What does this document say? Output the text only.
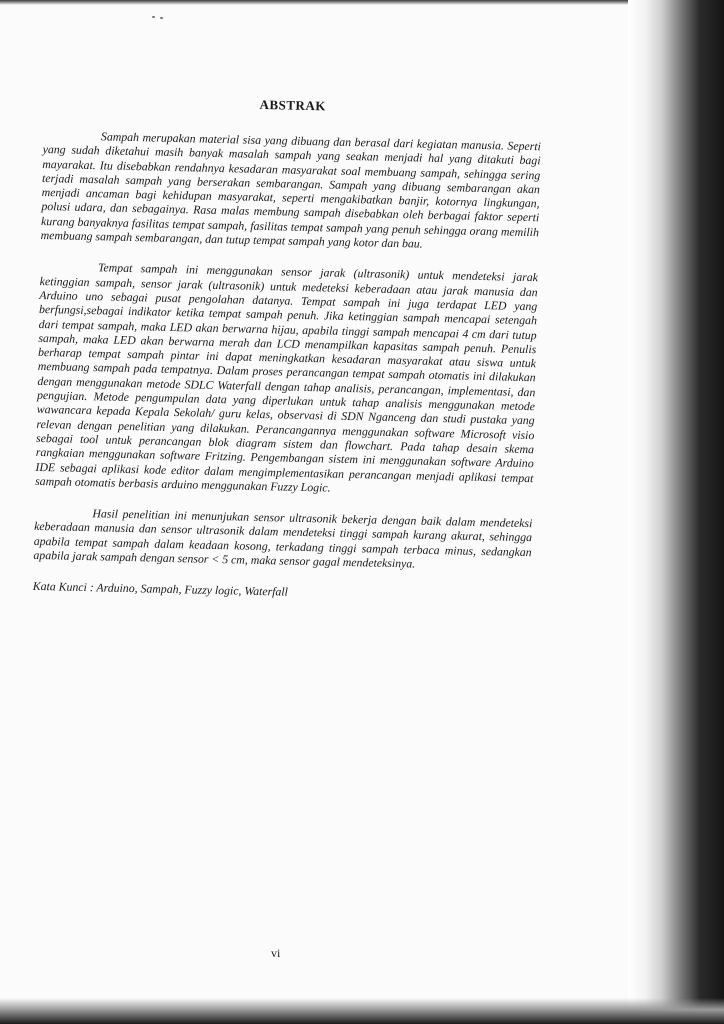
ABSTRAK

Sampah merupakan material sisa yang dibuang dan berasal dari kegiatan manusia. Seperti yang sudah diketahui masih banyak masalah sampah yang seakan menjadi hal yang ditakuti bagi mayarakat. Itu disebabkan rendahnya kesadaran masyarakat soal membuang sampah, sehingga sering terjadi masalah sampah yang berserakan sembarangan. Sampah yang dibuang sembarangan akan menjadi ancaman bagi kehidupan masyarakat, seperti mengakibatkan banjir, kotornya lingkungan, polusi udara, dan sebagainya. Rasa malas membung sampah disebabkan oleh berbagai faktor seperti kurang banyaknya fasilitas tempat sampah, fasilitas tempat sampah yang penuh sehingga orang memilih membuang sampah sembarangan, dan tutup tempat sampah yang kotor dan bau.

Tempat sampah ini menggunakan sensor jarak (ultrasonik) untuk mendeteksi jarak ketinggian sampah, sensor jarak (ultrasonik) untuk medeteksi keberadaan atau jarak manusia dan Arduino uno sebagai pusat pengolahan datanya. Tempat sampah ini juga terdapat LED yang berfungsi,sebagai indikator ketika tempat sampah penuh. Jika ketinggian sampah mencapai setengah dari tempat sampah, maka LED akan berwarna hijau, apabila tinggi sampah mencapai 4 cm dari tutup sampah, maka LED akan berwarna merah dan LCD menampilkan kapasitas sampah penuh. Penulis berharap tempat sampah pintar ini dapat meningkatkan kesadaran masyarakat atau siswa untuk membuang sampah pada tempatnya. Dalam proses perancangan tempat sampah otomatis ini dilakukan dengan menggunakan metode SDLC Waterfall dengan tahap analisis, perancangan, implementasi, dan pengujian. Metode pengumpulan data yang diperlukan untuk tahap analisis menggunakan metode wawancara kepada Kepala Sekolah/ guru kelas, observasi di SDN Nganceng dan studi pustaka yang relevan dengan penelitian yang dilakukan. Perancangannya menggunakan software Microsoft visio sebagai tool untuk perancangan blok diagram sistem dan flowchart. Pada tahap desain skema rangkaian menggunakan software Fritzing. Pengembangan sistem ini menggunakan software Arduino IDE sebagai aplikasi kode editor dalam mengimplementasikan perancangan menjadi aplikasi tempat sampah otomatis berbasis arduino menggunakan Fuzzy Logic.

Hasil penelitian ini menunjukan sensor ultrasonik bekerja dengan baik dalam mendeteksi keberadaan manusia dan sensor ultrasonik dalam mendeteksi tinggi sampah kurang akurat, sehingga apabila tempat sampah dalam keadaan kosong, terkadang tinggi sampah terbaca minus, sedangkan apabila jarak sampah dengan sensor < 5 cm, maka sensor gagal mendeteksinya.

Kata Kunci : Arduino, Sampah, Fuzzy logic, Waterfall
vi
